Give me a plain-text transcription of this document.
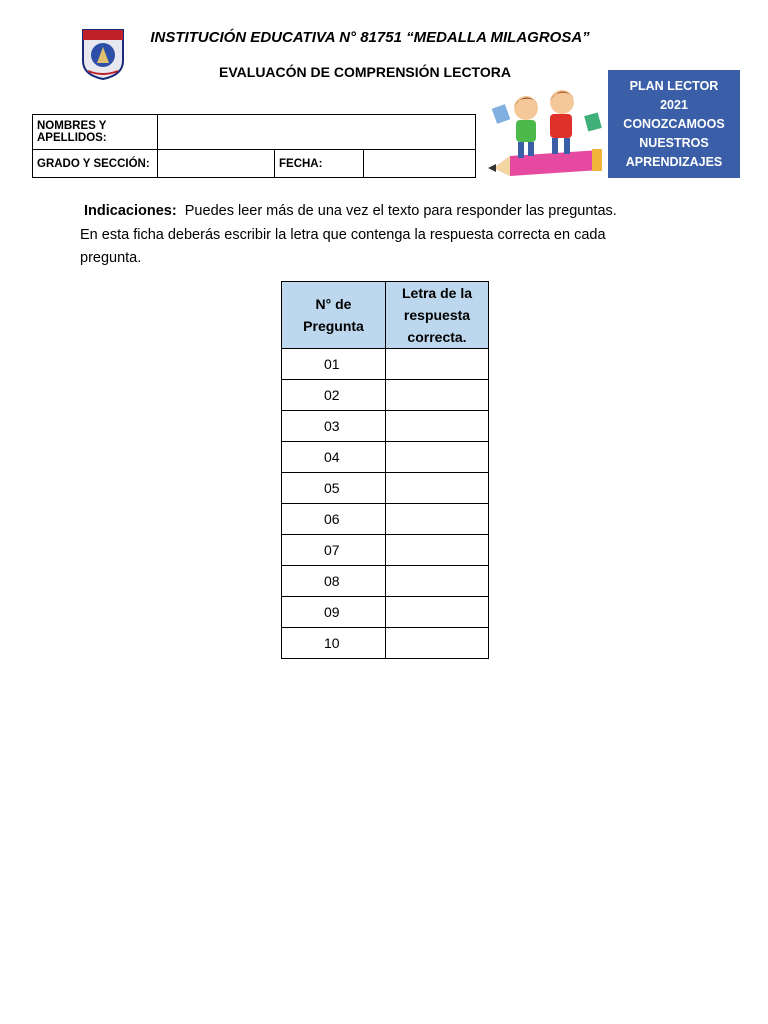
INSTITUCIÓN EDUCATIVA N° 81751 “MEDALLA MILAGROSA”
EVALUACÓN DE COMPRENSIÓN LECTORA
PLAN LECTOR
2021
CONOZCAMOOS
NUESTROS
APRENDIZAJES
NOMBRES Y APELLIDOS:			
GRADO Y SECCIÓN:		FECHA:	
Indicaciones: Puedes leer más de una vez el texto para responder las preguntas.
En esta ficha deberás escribir la letra que contenga la respuesta correcta en cada
pregunta.
N° de Pregunta	Letra de la respuesta correcta.
01	
02	
03	
04	
05	
06	
07	
08	
09	
10	
